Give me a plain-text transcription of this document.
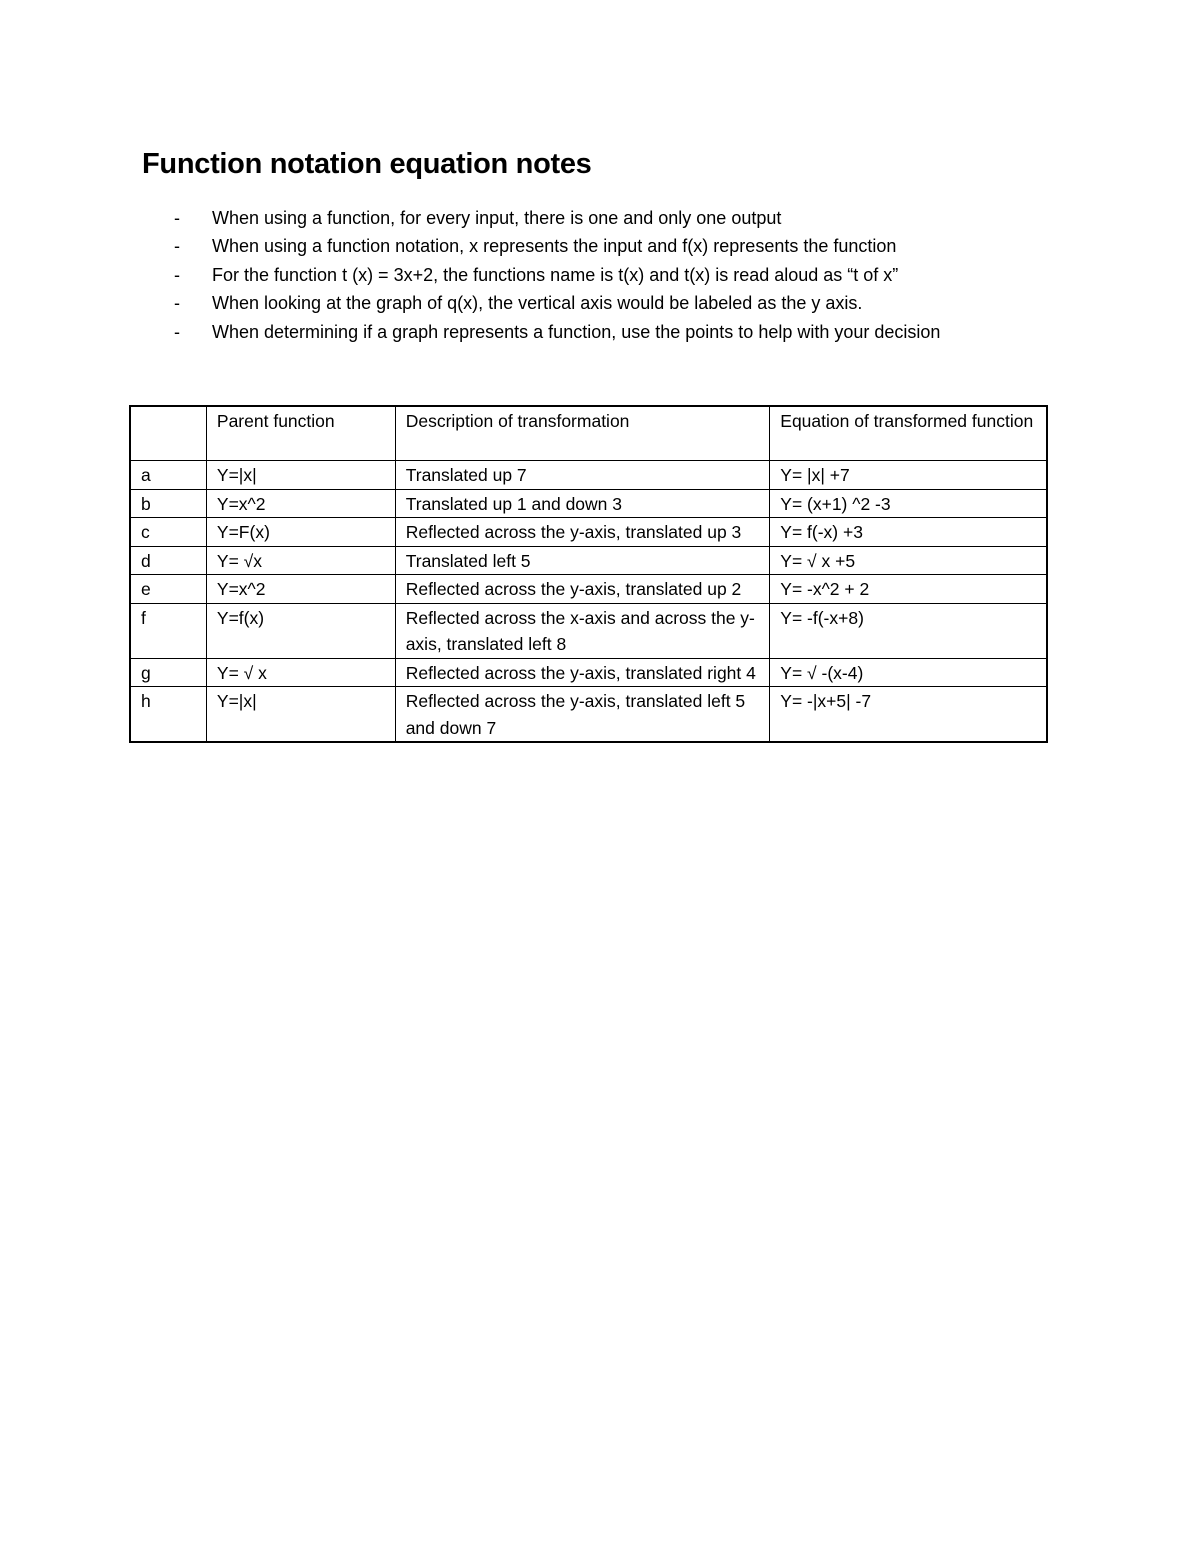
Function notation equation notes
- When using a function, for every input, there is one and only one output
- When using a function notation, x represents the input and f(x) represents the function
- For the function t (x) = 3x+2, the functions name is t(x) and t(x) is read aloud as “t of x”
- When looking at the graph of q(x), the vertical axis would be labeled as the y axis.
- When determining if a graph represents a function, use the points to help with your decision
	Parent function	Description of transformation	Equation of transformed function
a	Y=|x|	Translated up 7	Y= |x| +7
b	Y=x^2	Translated up 1 and down 3	Y= (x+1) ^2 -3
c	Y=F(x)	Reflected across the y-axis, translated up 3	Y= f(-x) +3
d	Y= √x	Translated left 5	Y= √ x +5
e	Y=x^2	Reflected across the y-axis, translated up 2	Y= -x^2 + 2
f	Y=f(x)	Reflected across the x-axis and across the y-axis, translated left 8	Y= -f(-x+8)
g	Y= √ x	Reflected across the y-axis, translated right 4	Y= √ -(x-4)
h	Y=|x|	Reflected across the y-axis, translated left 5 and down 7	Y= -|x+5| -7
